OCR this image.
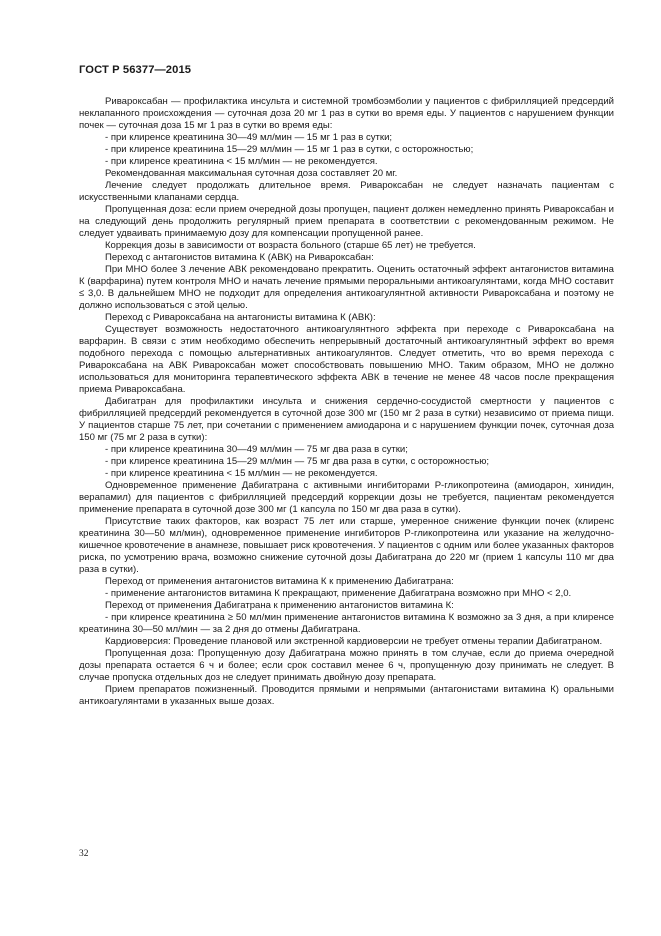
ГОСТ Р 56377—2015

Ривароксабан — профилактика инсульта и системной тромбоэмболии у пациентов с фибрилляцией предсердий неклапанного происхождения — суточная доза 20 мг 1 раз в сутки во время еды. У пациентов с нарушением функции почек — суточная доза 15 мг 1 раз в сутки во время еды:

- при клиренсе креатинина 30—49 мл/мин — 15 мг 1 раз в сутки;

- при клиренсе креатинина 15—29 мл/мин — 15 мг 1 раз в сутки, с осторожностью;

- при клиренсе креатинина < 15 мл/мин — не рекомендуется.

Рекомендованная максимальная суточная доза составляет 20 мг.

Лечение следует продолжать длительное время. Ривароксабан не следует назначать пациентам с искусственными клапанами сердца.

Пропущенная доза: если прием очередной дозы пропущен, пациент должен немедленно принять Ривароксабан и на следующий день продолжить регулярный прием препарата в соответствии с рекомендованным режимом. Не следует удваивать принимаемую дозу для компенсации пропущенной ранее.

Коррекция дозы в зависимости от возраста больного (старше 65 лет) не требуется.

Переход с антагонистов витамина К (АВК) на Ривароксабан:

При МНО более 3 лечение АВК рекомендовано прекратить. Оценить остаточный эффект антагонистов витамина К (варфарина) путем контроля МНО и начать лечение прямыми пероральными антикоагулянтами, когда МНО составит ≤ 3,0. В дальнейшем МНО не подходит для определения антикоагулянтной активности Ривароксабана и поэтому не должно использоваться с этой целью.

Переход с Ривароксабана на антагонисты витамина К (АВК):

Существует возможность недостаточного антикоагулянтного эффекта при переходе с Ривароксабана на варфарин. В связи с этим необходимо обеспечить непрерывный достаточный антикоагулянтный эффект во время подобного перехода с помощью альтернативных антикоагулянтов. Следует отметить, что во время перехода с Ривароксабана на АВК Ривароксабан может способствовать повышению МНО. Таким образом, МНО не должно использоваться для мониторинга терапевтического эффекта АВК в течение не менее 48 часов после прекращения приема Ривароксабана.

Дабигатран для профилактики инсульта и снижения сердечно-сосудистой смертности у пациентов с фибрилляцией предсердий рекомендуется в суточной дозе 300 мг (150 мг 2 раза в сутки) независимо от приема пищи. У пациентов старше 75 лет, при сочетании с применением амиодарона и с нарушением функции почек, суточная доза 150 мг (75 мг 2 раза в сутки):

- при клиренсе креатинина 30—49 мл/мин — 75 мг два раза в сутки;

- при клиренсе креатинина 15—29 мл/мин — 75 мг два раза в сутки, с осторожностью;

- при клиренсе креатинина < 15 мл/мин — не рекомендуется.

Одновременное применение Дабигатрана с активными ингибиторами Р-гликопротеина (амиодарон, хинидин, верапамил) для пациентов с фибрилляцией предсердий коррекции дозы не требуется, пациентам рекомендуется применение препарата в суточной дозе 300 мг (1 капсула по 150 мг два раза в сутки).

Присутствие таких факторов, как возраст 75 лет или старше, умеренное снижение функции почек (клиренс креатинина 30—50 мл/мин), одновременное применение ингибиторов Р-гликопротеина или указание на желудочно-кишечное кровотечение в анамнезе, повышает риск кровотечения. У пациентов с одним или более указанных факторов риска, по усмотрению врача, возможно снижение суточной дозы Дабигатрана до 220 мг (прием 1 капсулы 110 мг два раза в сутки).

Переход от применения антагонистов витамина К к применению Дабигатрана:

- применение антагонистов витамина К прекращают, применение Дабигатрана возможно при МНО < 2,0.

Переход от применения Дабигатрана к применению антагонистов витамина К:

- при клиренсе креатинина ≥ 50 мл/мин применение антагонистов витамина К возможно за 3 дня, а при клиренсе креатинина 30—50 мл/мин — за 2 дня до отмены Дабигатрана.

Кардиоверсия: Проведение плановой или экстренной кардиоверсии не требует отмены терапии Дабигатраном.

Пропущенная доза: Пропущенную дозу Дабигатрана можно принять в том случае, если до приема очередной дозы препарата остается 6 ч и более; если срок составил менее 6 ч, пропущенную дозу принимать не следует. В случае пропуска отдельных доз не следует принимать двойную дозу препарата.

Прием препаратов пожизненный. Проводится прямыми и непрямыми (антагонистами витамина К) оральными антикоагулянтами в указанных выше дозах.

32
